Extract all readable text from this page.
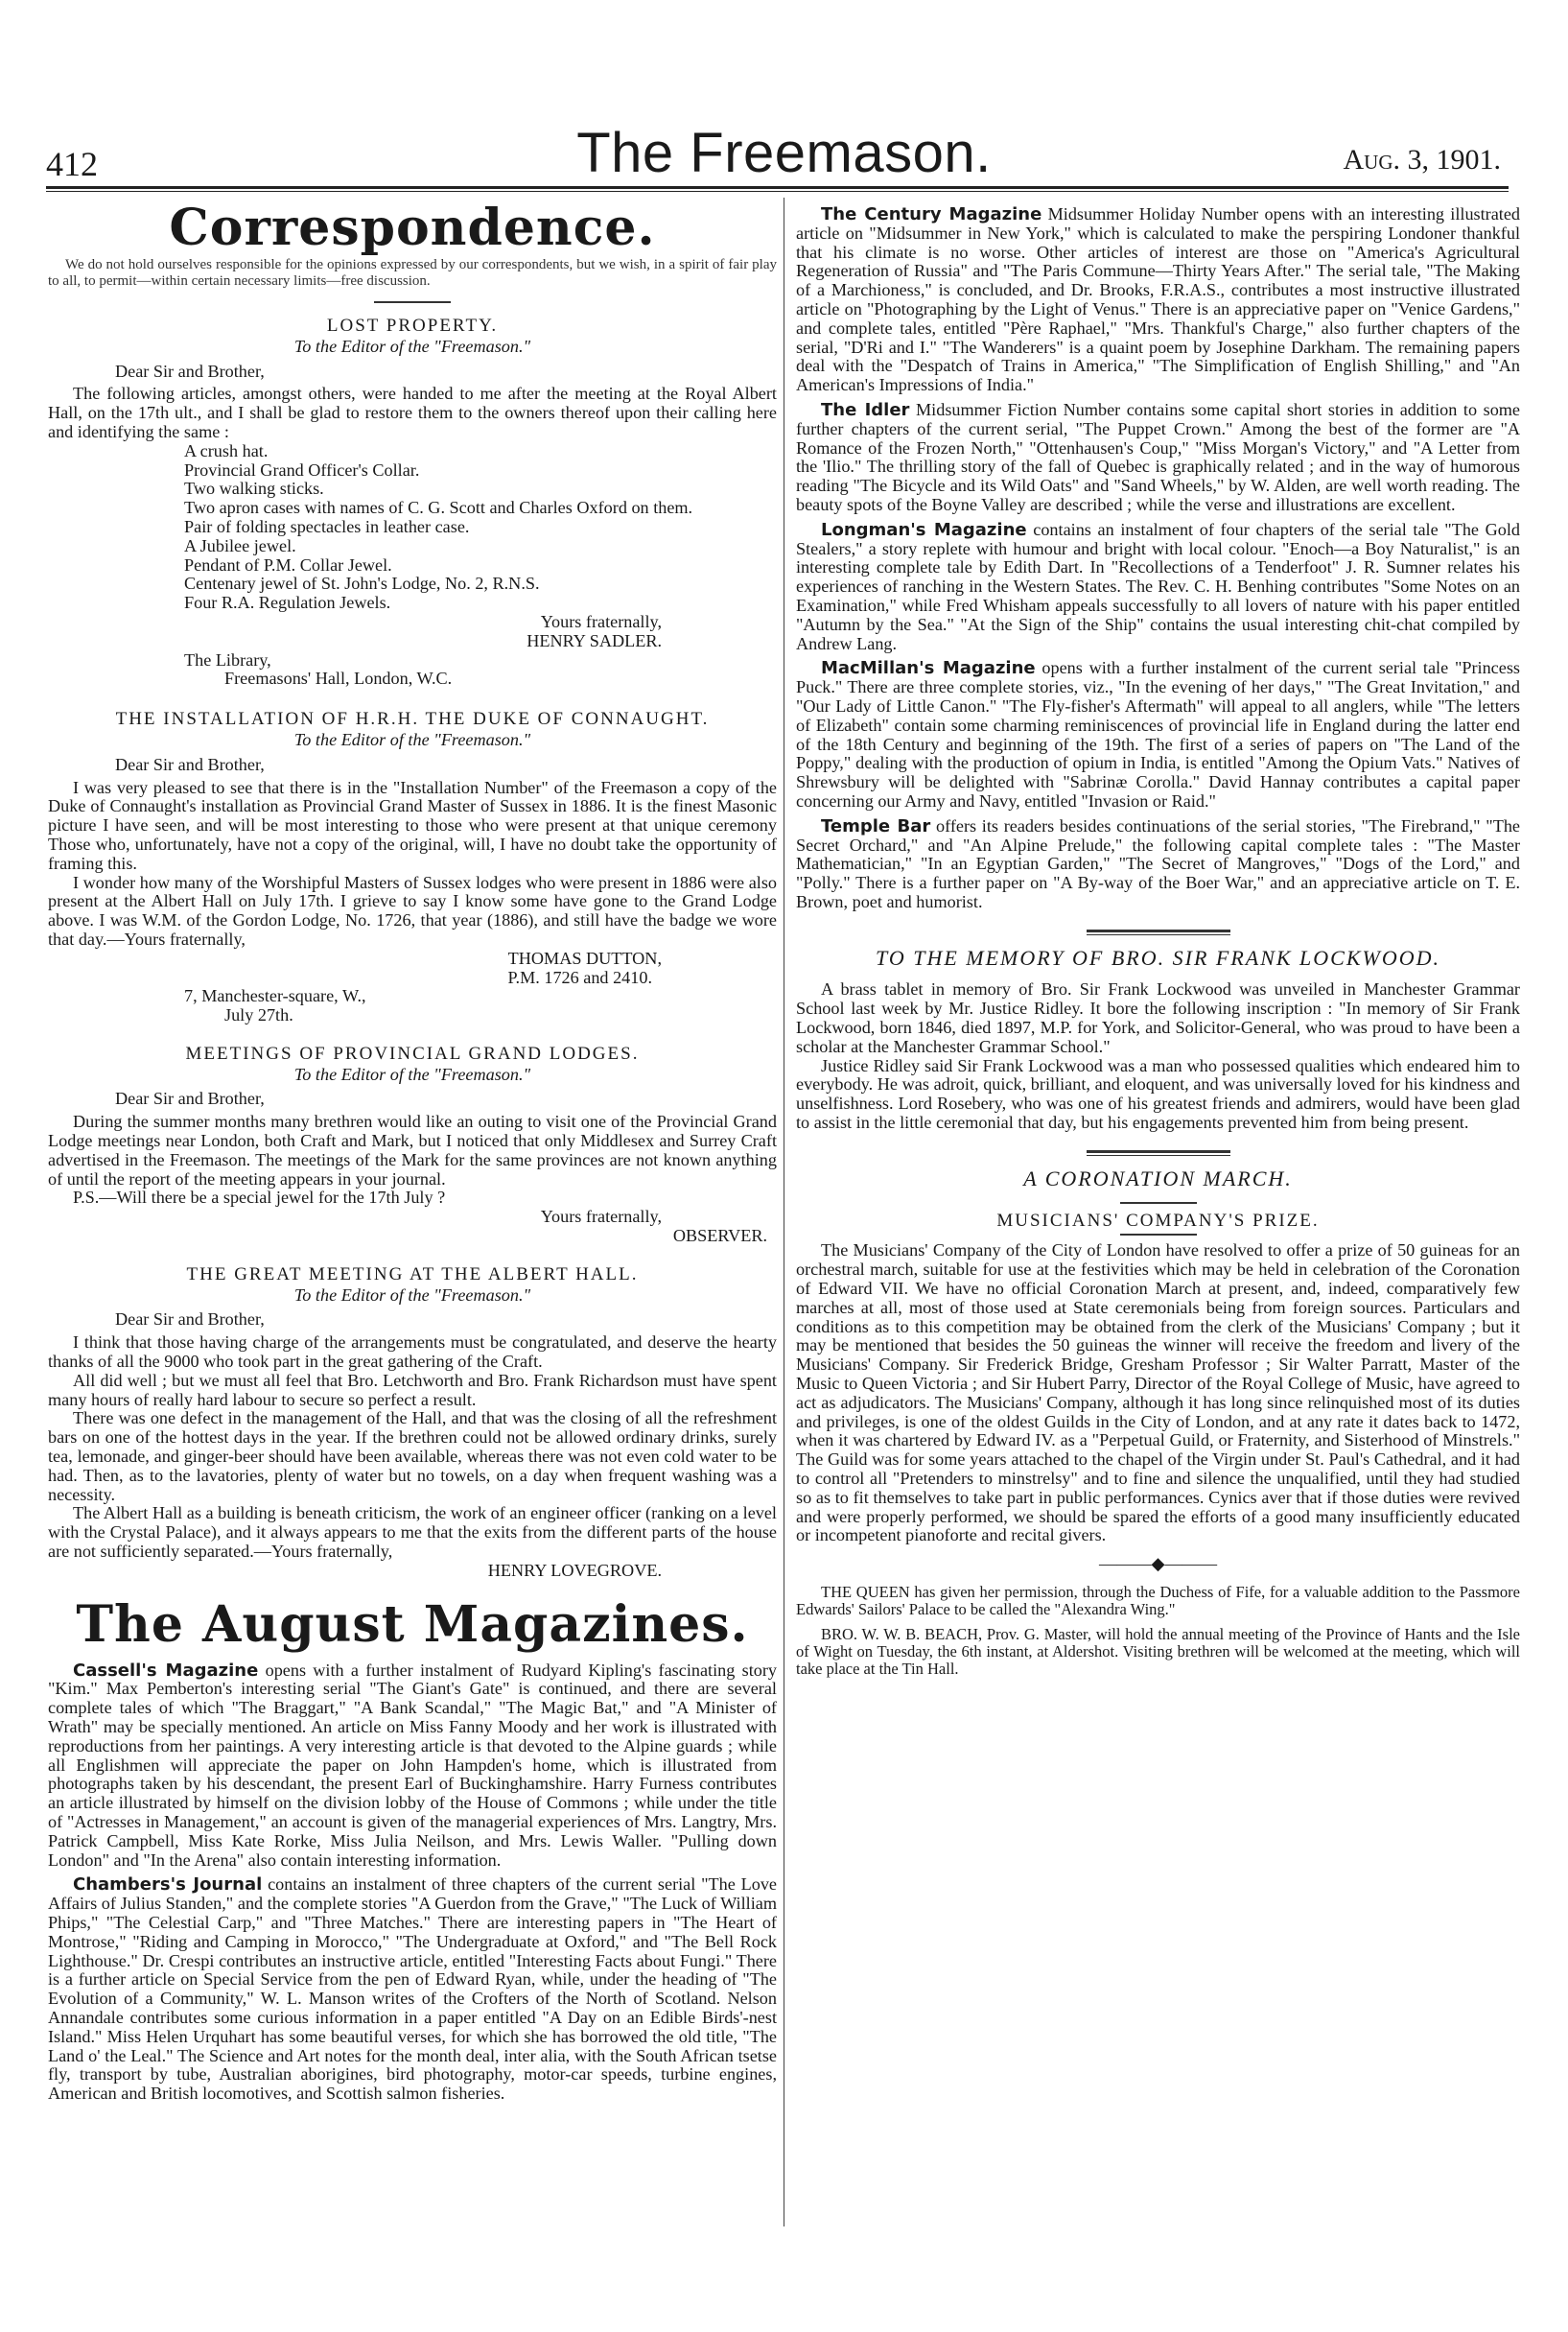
412	The Freemason.	Aug. 3, 1901.
Correspondence.

We do not hold ourselves responsible for the opinions expressed by our correspondents, but we wish, in a spirit of fair play to all, to permit—within certain necessary limits—free discussion.

LOST PROPERTY.

To the Editor of the "Freemason."

Dear Sir and Brother,

The following articles, amongst others, were handed to me after the meeting at the Royal Albert Hall, on the 17th ult., and I shall be glad to restore them to the owners thereof upon their calling here and identifying the same :

A crush hat.
Provincial Grand Officer's Collar.
Two walking sticks.
Two apron cases with names of C. G. Scott and Charles Oxford on them.
Pair of folding spectacles in leather case.
A Jubilee jewel.
Pendant of P.M. Collar Jewel.
Centenary jewel of St. John's Lodge, No. 2, R.N.S.
Four R.A. Regulation Jewels.
Yours fraternally,
HENRY SADLER.
The Library,
Freemasons' Hall, London, W.C.

THE INSTALLATION OF H.R.H. THE DUKE OF CONNAUGHT.

To the Editor of the "Freemason."

Dear Sir and Brother,

I was very pleased to see that there is in the "Installation Number" of the Freemason a copy of the Duke of Connaught's installation as Provincial Grand Master of Sussex in 1886. It is the finest Masonic picture I have seen, and will be most interesting to those who were present at that unique ceremony Those who, unfortunately, have not a copy of the original, will, I have no doubt take the opportunity of framing this.

I wonder how many of the Worshipful Masters of Sussex lodges who were present in 1886 were also present at the Albert Hall on July 17th. I grieve to say I know some have gone to the Grand Lodge above. I was W.M. of the Gordon Lodge, No. 1726, that year (1886), and still have the badge we wore that day.—Yours fraternally,

THOMAS DUTTON,
P.M. 1726 and 2410.
7, Manchester-square, W.,
July 27th.

MEETINGS OF PROVINCIAL GRAND LODGES.

To the Editor of the "Freemason."

Dear Sir and Brother,

During the summer months many brethren would like an outing to visit one of the Provincial Grand Lodge meetings near London, both Craft and Mark, but I noticed that only Middlesex and Surrey Craft advertised in the Freemason. The meetings of the Mark for the same provinces are not known anything of until the report of the meeting appears in your journal.

P.S.—Will there be a special jewel for the 17th July ?

Yours fraternally,
OBSERVER.

THE GREAT MEETING AT THE ALBERT HALL.

To the Editor of the "Freemason."

Dear Sir and Brother,

I think that those having charge of the arrangements must be congratulated, and deserve the hearty thanks of all the 9000 who took part in the great gathering of the Craft.

All did well ; but we must all feel that Bro. Letchworth and Bro. Frank Richardson must have spent many hours of really hard labour to secure so perfect a result.

There was one defect in the management of the Hall, and that was the closing of all the refreshment bars on one of the hottest days in the year. If the brethren could not be allowed ordinary drinks, surely tea, lemonade, and ginger-beer should have been available, whereas there was not even cold water to be had. Then, as to the lavatories, plenty of water but no towels, on a day when frequent washing was a necessity.

The Albert Hall as a building is beneath criticism, the work of an engineer officer (ranking on a level with the Crystal Palace), and it always appears to me that the exits from the different parts of the house are not sufficiently separated.—Yours fraternally,

HENRY LOVEGROVE.
The August Magazines.

Cassell's Magazine opens with a further instalment of Rudyard Kipling's fascinating story "Kim." Max Pemberton's interesting serial "The Giant's Gate" is continued, and there are several complete tales of which "The Braggart," "A Bank Scandal," "The Magic Bat," and "A Minister of Wrath" may be specially mentioned. An article on Miss Fanny Moody and her work is illustrated with reproductions from her paintings. A very interesting article is that devoted to the Alpine guards ; while all Englishmen will appreciate the paper on John Hampden's home, which is illustrated from photographs taken by his descendant, the present Earl of Buckinghamshire. Harry Furness contributes an article illustrated by himself on the division lobby of the House of Commons ; while under the title of "Actresses in Management," an account is given of the managerial experiences of Mrs. Langtry, Mrs. Patrick Campbell, Miss Kate Rorke, Miss Julia Neilson, and Mrs. Lewis Waller. "Pulling down London" and "In the Arena" also contain interesting information.

Chambers's Journal contains an instalment of three chapters of the current serial "The Love Affairs of Julius Standen," and the complete stories "A Guerdon from the Grave," "The Luck of William Phips," "The Celestial Carp," and "Three Matches." There are interesting papers in "The Heart of Montrose," "Riding and Camping in Morocco," "The Undergraduate at Oxford," and "The Bell Rock Lighthouse." Dr. Crespi contributes an instructive article, entitled "Interesting Facts about Fungi." There is a further article on Special Service from the pen of Edward Ryan, while, under the heading of "The Evolution of a Community," W. L. Manson writes of the Crofters of the North of Scotland. Nelson Annandale contributes some curious information in a paper entitled "A Day on an Edible Birds'-nest Island." Miss Helen Urquhart has some beautiful verses, for which she has borrowed the old title, "The Land o' the Leal." The Science and Art notes for the month deal, inter alia, with the South African tsetse fly, transport by tube, Australian aborigines, bird photography, motor-car speeds, turbine engines, American and British locomotives, and Scottish salmon fisheries.

The Century Magazine Midsummer Holiday Number opens with an interesting illustrated article on "Midsummer in New York," which is calculated to make the perspiring Londoner thankful that his climate is no worse. Other articles of interest are those on "America's Agricultural Regeneration of Russia" and "The Paris Commune—Thirty Years After." The serial tale, "The Making of a Marchioness," is concluded, and Dr. Brooks, F.R.A.S., contributes a most instructive illustrated article on "Photographing by the Light of Venus." There is an appreciative paper on "Venice Gardens," and complete tales, entitled "Père Raphael," "Mrs. Thankful's Charge," also further chapters of the serial, "D'Ri and I." "The Wanderers" is a quaint poem by Josephine Darkham. The remaining papers deal with the "Despatch of Trains in America," "The Simplification of English Shilling," and "An American's Impressions of India."

The Idler Midsummer Fiction Number contains some capital short stories in addition to some further chapters of the current serial, "The Puppet Crown." Among the best of the former are "A Romance of the Frozen North," "Ottenhausen's Coup," "Miss Morgan's Victory," and "A Letter from the 'Ilio." The thrilling story of the fall of Quebec is graphically related ; and in the way of humorous reading "The Bicycle and its Wild Oats" and "Sand Wheels," by W. Alden, are well worth reading. The beauty spots of the Boyne Valley are described ; while the verse and illustrations are excellent.

Longman's Magazine contains an instalment of four chapters of the serial tale "The Gold Stealers," a story replete with humour and bright with local colour. "Enoch—a Boy Naturalist," is an interesting complete tale by Edith Dart. In "Recollections of a Tenderfoot" J. R. Sumner relates his experiences of ranching in the Western States. The Rev. C. H. Benhing contributes "Some Notes on an Examination," while Fred Whisham appeals successfully to all lovers of nature with his paper entitled "Autumn by the Sea." "At the Sign of the Ship" contains the usual interesting chit-chat compiled by Andrew Lang.

MacMillan's Magazine opens with a further instalment of the current serial tale "Princess Puck." There are three complete stories, viz., "In the evening of her days," "The Great Invitation," and "Our Lady of Little Canon." "The Fly-fisher's Aftermath" will appeal to all anglers, while "The letters of Elizabeth" contain some charming reminiscences of provincial life in England during the latter end of the 18th Century and beginning of the 19th. The first of a series of papers on "The Land of the Poppy," dealing with the production of opium in India, is entitled "Among the Opium Vats." Natives of Shrewsbury will be delighted with "Sabrinæ Corolla." David Hannay contributes a capital paper concerning our Army and Navy, entitled "Invasion or Raid."

Temple Bar offers its readers besides continuations of the serial stories, "The Firebrand," "The Secret Orchard," and "An Alpine Prelude," the following capital complete tales : "The Master Mathematician," "In an Egyptian Garden," "The Secret of Mangroves," "Dogs of the Lord," and "Polly." There is a further paper on "A By-way of the Boer War," and an appreciative article on T. E. Brown, poet and humorist.

TO THE MEMORY OF BRO. SIR FRANK LOCKWOOD.

A brass tablet in memory of Bro. Sir Frank Lockwood was unveiled in Manchester Grammar School last week by Mr. Justice Ridley. It bore the following inscription : "In memory of Sir Frank Lockwood, born 1846, died 1897, M.P. for York, and Solicitor-General, who was proud to have been a scholar at the Manchester Grammar School."

Justice Ridley said Sir Frank Lockwood was a man who possessed qualities which endeared him to everybody. He was adroit, quick, brilliant, and eloquent, and was universally loved for his kindness and unselfishness. Lord Rosebery, who was one of his greatest friends and admirers, would have been glad to assist in the little ceremonial that day, but his engagements prevented him from being present.

A CORONATION MARCH.

MUSICIANS' COMPANY'S PRIZE.

The Musicians' Company of the City of London have resolved to offer a prize of 50 guineas for an orchestral march, suitable for use at the festivities which may be held in celebration of the Coronation of Edward VII. We have no official Coronation March at present, and, indeed, comparatively few marches at all, most of those used at State ceremonials being from foreign sources. Particulars and conditions as to this competition may be obtained from the clerk of the Musicians' Company ; but it may be mentioned that besides the 50 guineas the winner will receive the freedom and livery of the Musicians' Company. Sir Frederick Bridge, Gresham Professor ; Sir Walter Parratt, Master of the Music to Queen Victoria ; and Sir Hubert Parry, Director of the Royal College of Music, have agreed to act as adjudicators. The Musicians' Company, although it has long since relinquished most of its duties and privileges, is one of the oldest Guilds in the City of London, and at any rate it dates back to 1472, when it was chartered by Edward IV. as a "Perpetual Guild, or Fraternity, and Sisterhood of Minstrels." The Guild was for some years attached to the chapel of the Virgin under St. Paul's Cathedral, and it had to control all "Pretenders to minstrelsy" and to fine and silence the unqualified, until they had studied so as to fit themselves to take part in public performances. Cynics aver that if those duties were revived and were properly performed, we should be spared the efforts of a good many insufficiently educated or incompetent pianoforte and recital givers.

———◆———

THE QUEEN has given her permission, through the Duchess of Fife, for a valuable addition to the Passmore Edwards' Sailors' Palace to be called the "Alexandra Wing."

BRO. W. W. B. BEACH, Prov. G. Master, will hold the annual meeting of the Province of Hants and the Isle of Wight on Tuesday, the 6th instant, at Aldershot. Visiting brethren will be welcomed at the meeting, which will take place at the Tin Hall.
